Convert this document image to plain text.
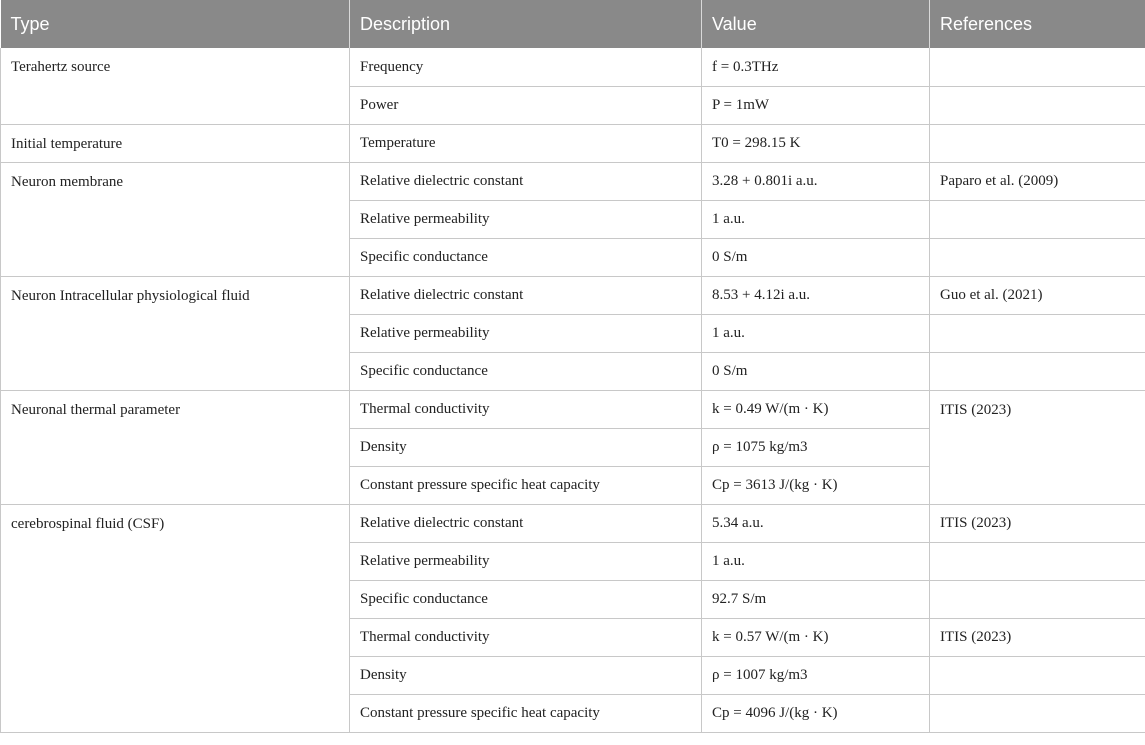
Type	Description	Value	References
Terahertz source	Frequency	f = 0.3THz	
	Power	P = 1mW	
Initial temperature	Temperature	T0 = 298.15 K	
Neuron membrane	Relative dielectric constant	3.28 + 0.801i a.u.	Paparo et al. (2009)
	Relative permeability	1 a.u.	
	Specific conductance	0 S/m	
Neuron Intracellular physiological fluid	Relative dielectric constant	8.53 + 4.12i a.u.	Guo et al. (2021)
	Relative permeability	1 a.u.	
	Specific conductance	0 S/m	
Neuronal thermal parameter	Thermal conductivity	k = 0.49 W/(m · K)	ITIS (2023)
	Density	ρ = 1075 kg/m3	
	Constant pressure specific heat capacity	Cp = 3613 J/(kg · K)	
cerebrospinal fluid (CSF)	Relative dielectric constant	5.34 a.u.	ITIS (2023)
	Relative permeability	1 a.u.	
	Specific conductance	92.7 S/m	
	Thermal conductivity	k = 0.57 W/(m · K)	ITIS (2023)
	Density	ρ = 1007 kg/m3	
	Constant pressure specific heat capacity	Cp = 4096 J/(kg · K)	
